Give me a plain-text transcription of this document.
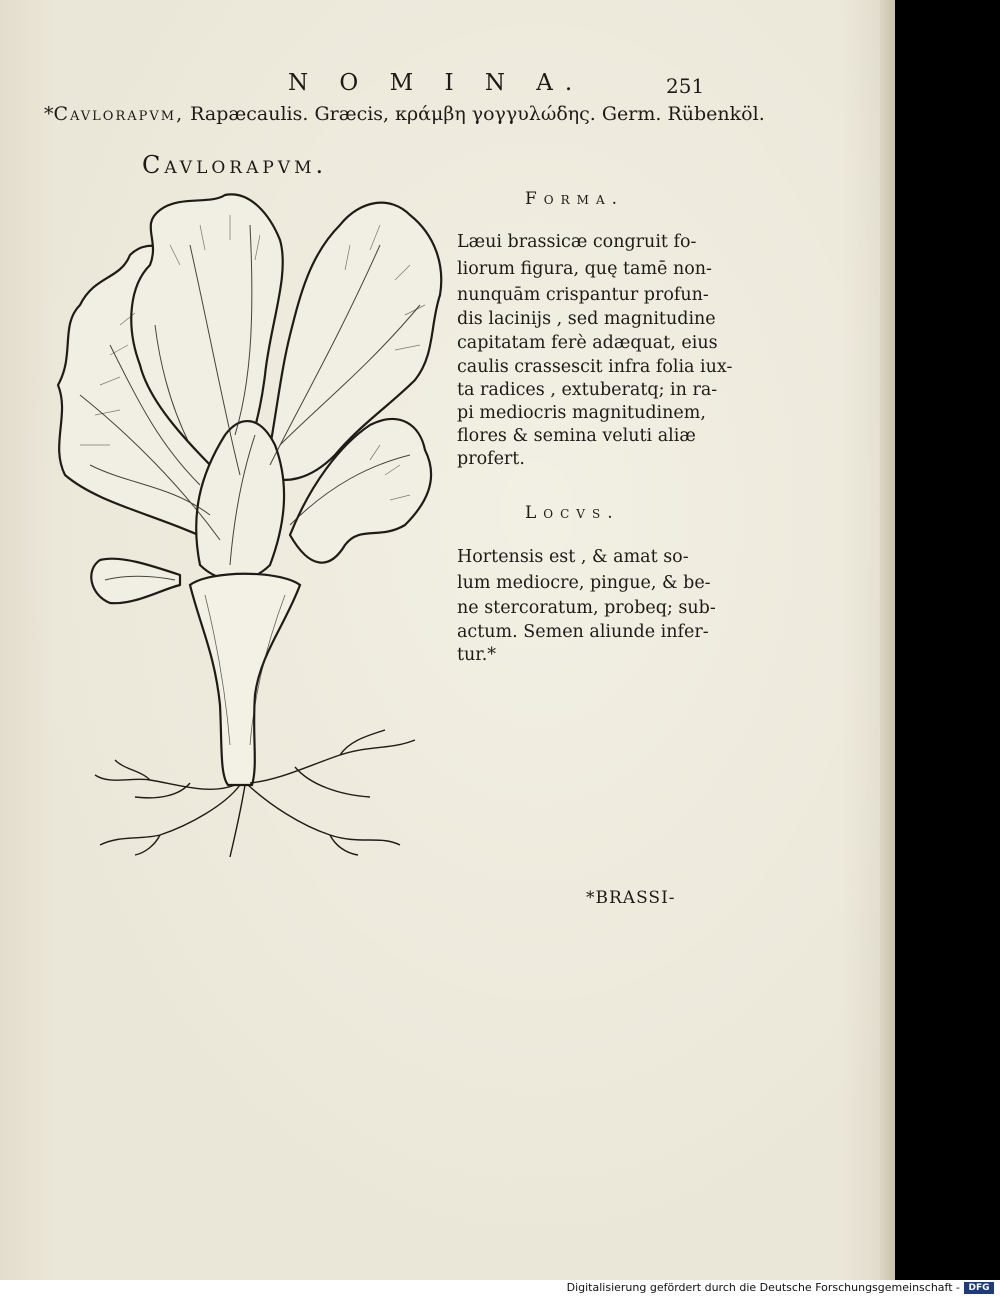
N O M I N A.	251
*Cavlorapvm, Rapæcaulis. Græcis, κράμβη γογγυλώδης. Germ. Rübenköl.
Cavlorapvm.
Forma.
Læui brassicæ congruit fo-
liorum figura, quę tamē non-
nunquām crispantur profun-
dis lacinijs , sed magnitudine
capitatam ferè adæquat, eius
caulis crassescit infra folia iux-
ta radices , extuberatq; in ra-
pi mediocris magnitudinem,
flores & semina veluti aliæ
profert.
Locvs.
Hortensis est , & amat so-
lum mediocre, pingue, & be-
ne stercoratum, probeq; sub-
actum. Semen aliunde infer-
tur.*
*BRASSI-
Digitalisierung gefördert durch die Deutsche Forschungsgemeinschaft - DFG
